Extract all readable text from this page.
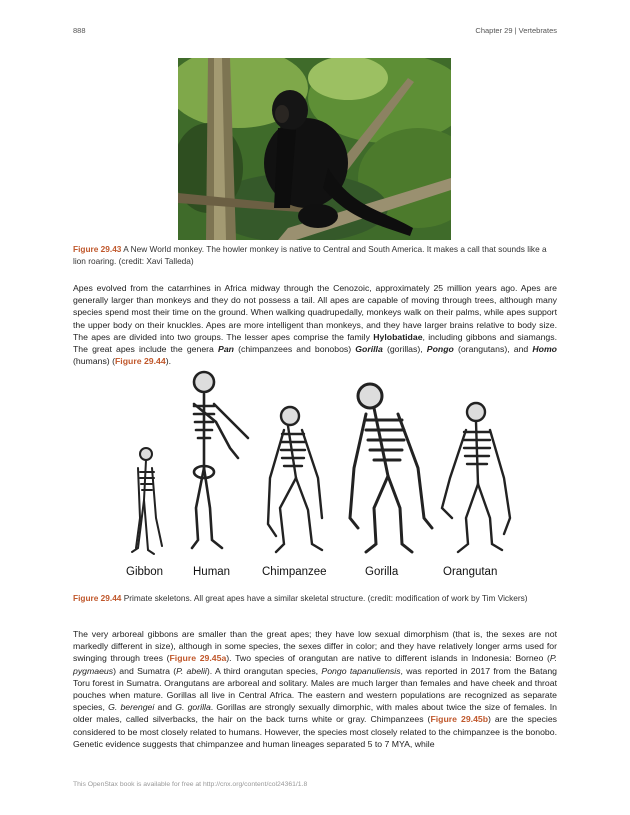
888	Chapter 29 | Vertebrates
Figure 29.43 A New World monkey. The howler monkey is native to Central and South America. It makes a call that sounds like a lion roaring. (credit: Xavi Talleda)

Apes evolved from the catarrhines in Africa midway through the Cenozoic, approximately 25 million years ago. Apes are generally larger than monkeys and they do not possess a tail. All apes are capable of moving through trees, although many species spend most their time on the ground. When walking quadrupedally, monkeys walk on their palms, while apes support the upper body on their knuckles. Apes are more intelligent than monkeys, and they have larger brains relative to body size. The apes are divided into two groups. The lesser apes comprise the family Hylobatidae, including gibbons and siamangs. The great apes include the genera Pan (chimpanzees and bonobos) Gorilla (gorillas), Pongo (orangutans), and Homo (humans) (Figure 29.44).

Gibbon	Human	Chimpanzee	Gorilla	Orangutan
Figure 29.44 Primate skeletons. All great apes have a similar skeletal structure. (credit: modification of work by Tim Vickers)

The very arboreal gibbons are smaller than the great apes; they have low sexual dimorphism (that is, the sexes are not markedly different in size), although in some species, the sexes differ in color; and they have relatively longer arms used for swinging through trees (Figure 29.45a). Two species of orangutan are native to different islands in Indonesia: Borneo (P. pygmaeus) and Sumatra (P. abelii). A third orangutan species, Pongo tapanuliensis, was reported in 2017 from the Batang Toru forest in Sumatra. Orangutans are arboreal and solitary. Males are much larger than females and have cheek and throat pouches when mature. Gorillas all live in Central Africa. The eastern and western populations are recognized as separate species, G. berengei and G. gorilla. Gorillas are strongly sexually dimorphic, with males about twice the size of females. In older males, called silverbacks, the hair on the back turns white or gray. Chimpanzees (Figure 29.45b) are the species considered to be most closely related to humans. However, the species most closely related to the chimpanzee is the bonobo. Genetic evidence suggests that chimpanzee and human lineages separated 5 to 7 MYA, while

This OpenStax book is available for free at http://cnx.org/content/col24361/1.8
